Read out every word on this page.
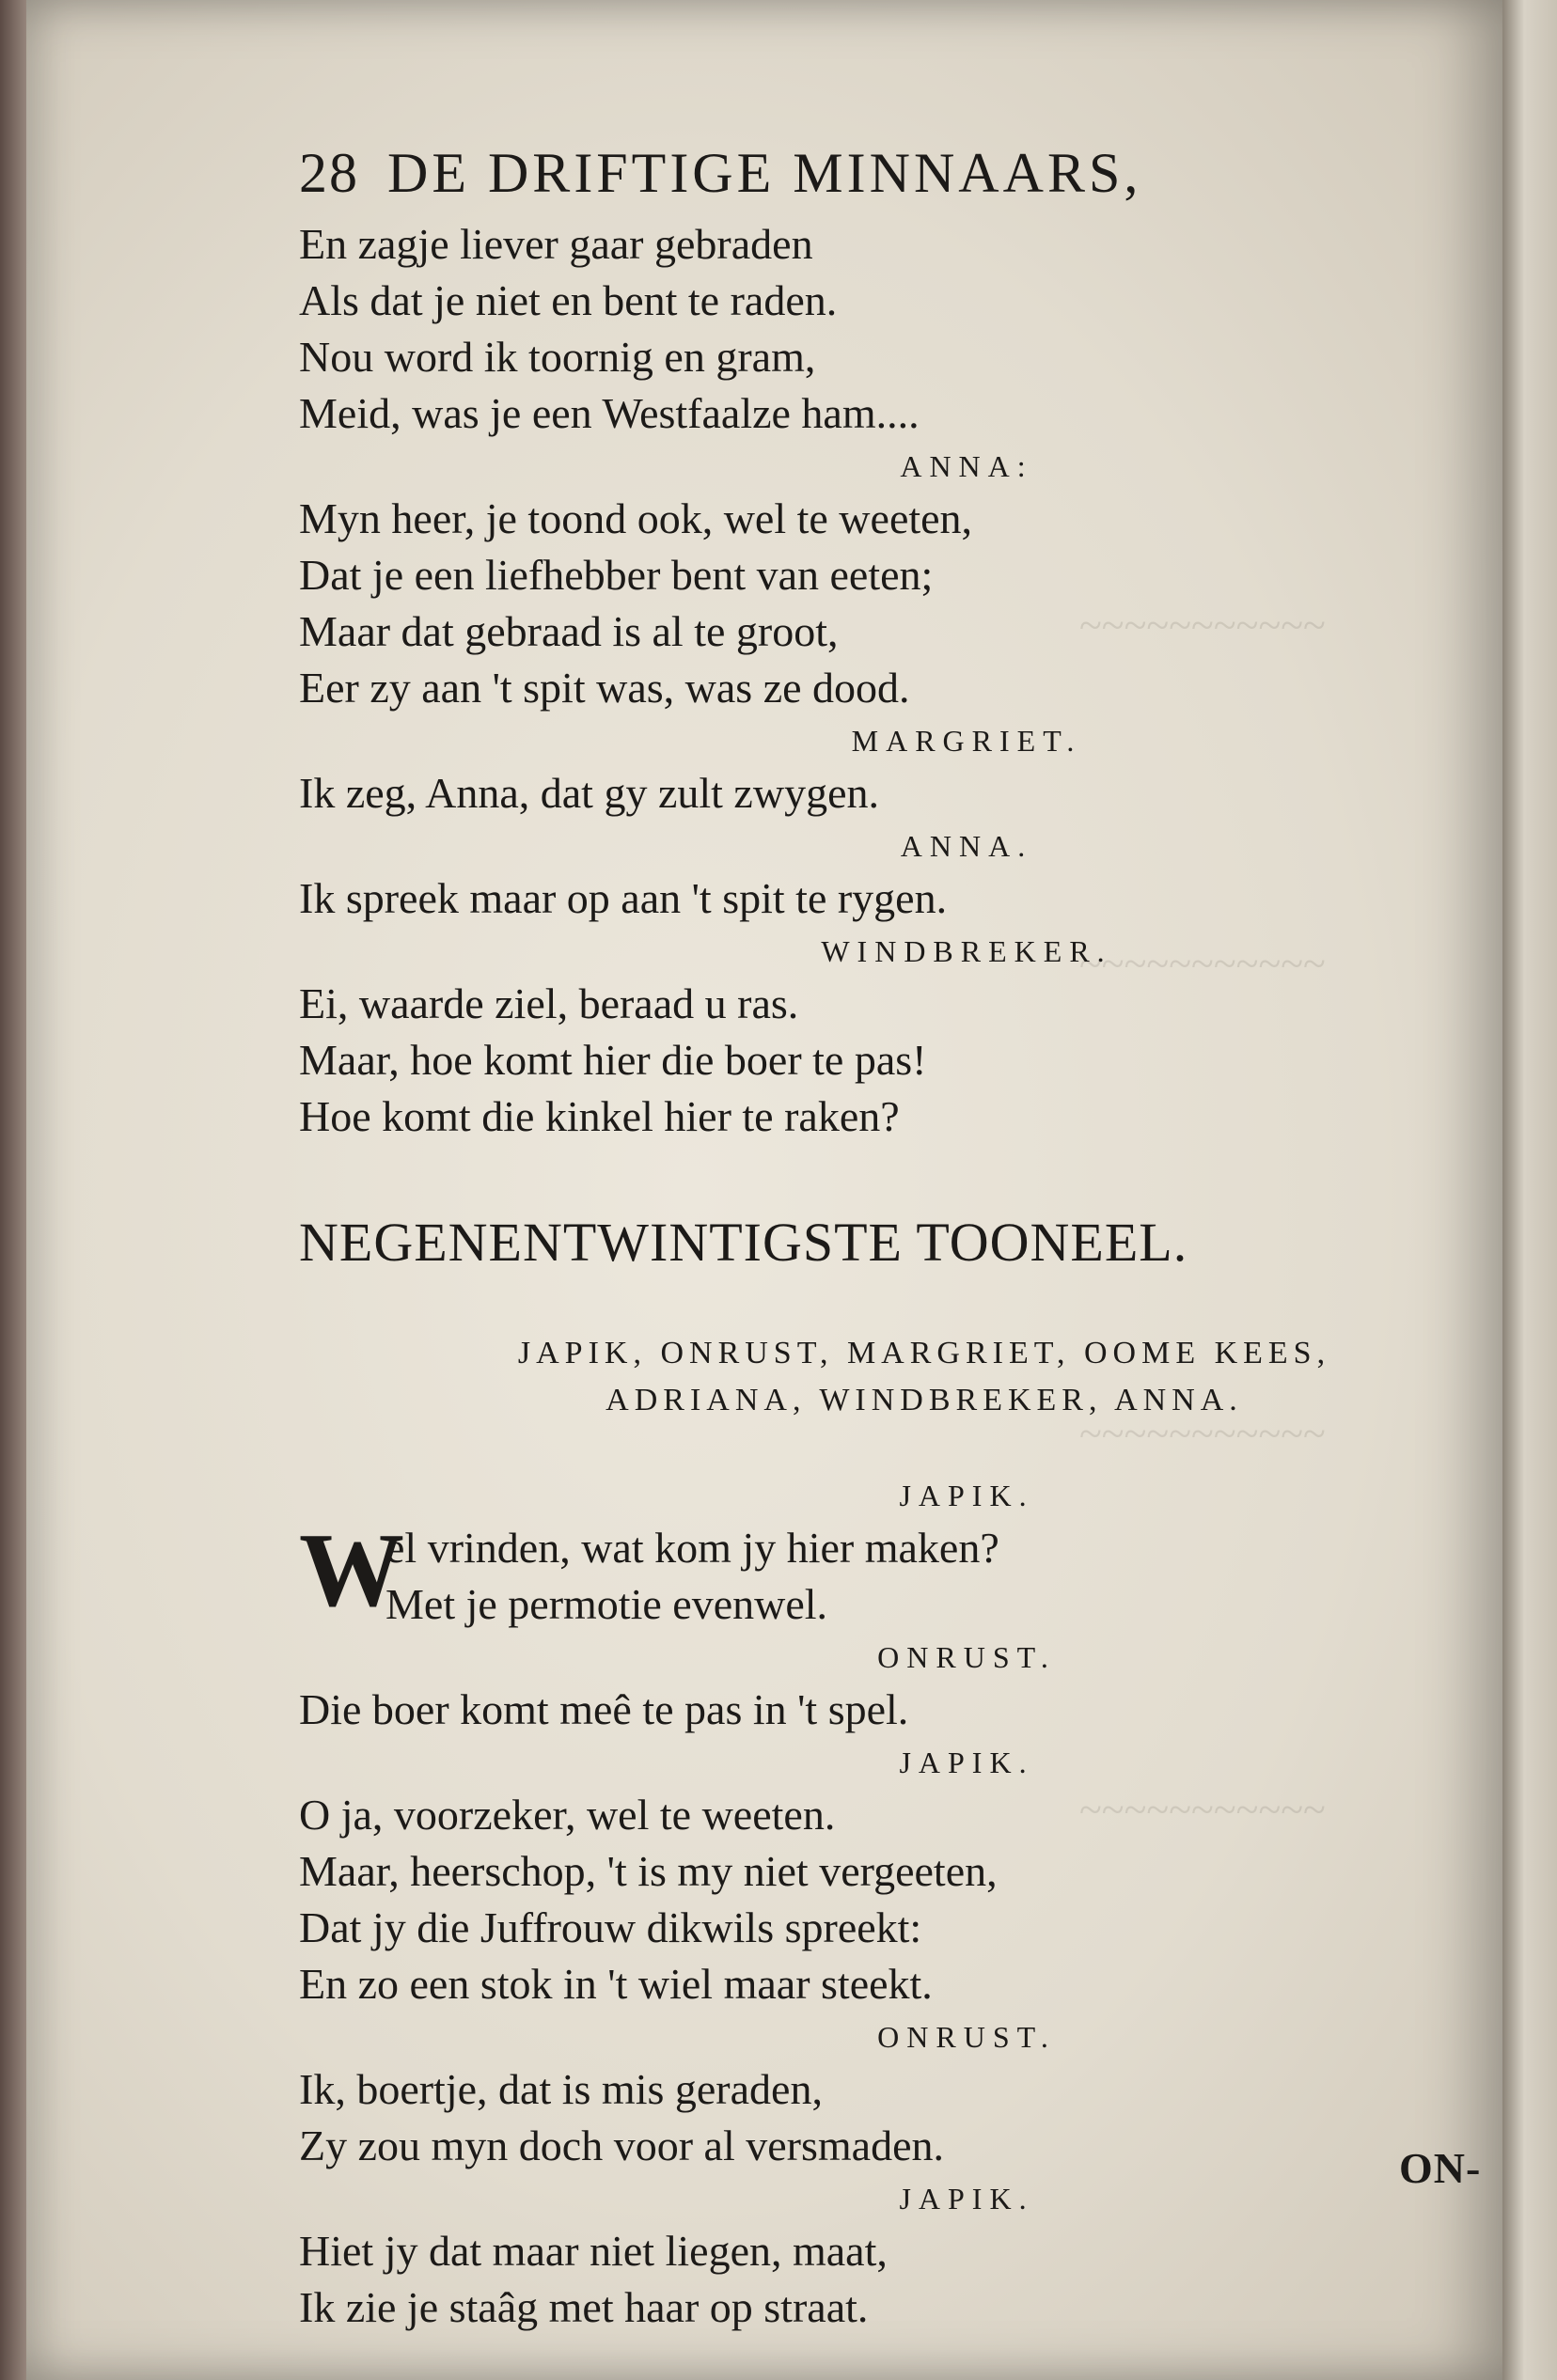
~~~~~~~~~~~
~~~~~~~~~~~
~~~~~~~~~~~
~~~~~~~~~~~
28 DE DRIFTIGE MINNAARS,
En zagje liever gaar gebraden
Als dat je niet en bent te raden.
Nou word ik toornig en gram,
Meid, was je een Westfaalze ham....
ANNA:
Myn heer, je toond ook, wel te weeten,
Dat je een liefhebber bent van eeten;
Maar dat gebraad is al te groot,
Eer zy aan 't spit was, was ze dood.
MARGRIET.
Ik zeg, Anna, dat gy zult zwygen.
ANNA.
Ik spreek maar op aan 't spit te rygen.
WINDBREKER.
Ei, waarde ziel, beraad u ras.
Maar, hoe komt hier die boer te pas!
Hoe komt die kinkel hier te raken?
NEGENENTWINTIGSTE TOONEEL.
JAPIK, ONRUST, MARGRIET, OOME KEES,
ADRIANA, WINDBREKER, ANNA.
JAPIK.
W
el vrinden, wat kom jy hier maken?
Met je permotie evenwel.
ONRUST.
Die boer komt meê te pas in 't spel.
JAPIK.
O ja, voorzeker, wel te weeten.
Maar, heerschop, 't is my niet vergeeten,
Dat jy die Juffrouw dikwils spreekt:
En zo een stok in 't wiel maar steekt.
ONRUST.
Ik, boertje, dat is mis geraden,
Zy zou myn doch voor al versmaden.
JAPIK.
Hiet jy dat maar niet liegen, maat,
Ik zie je staâg met haar op straat.
ON-
